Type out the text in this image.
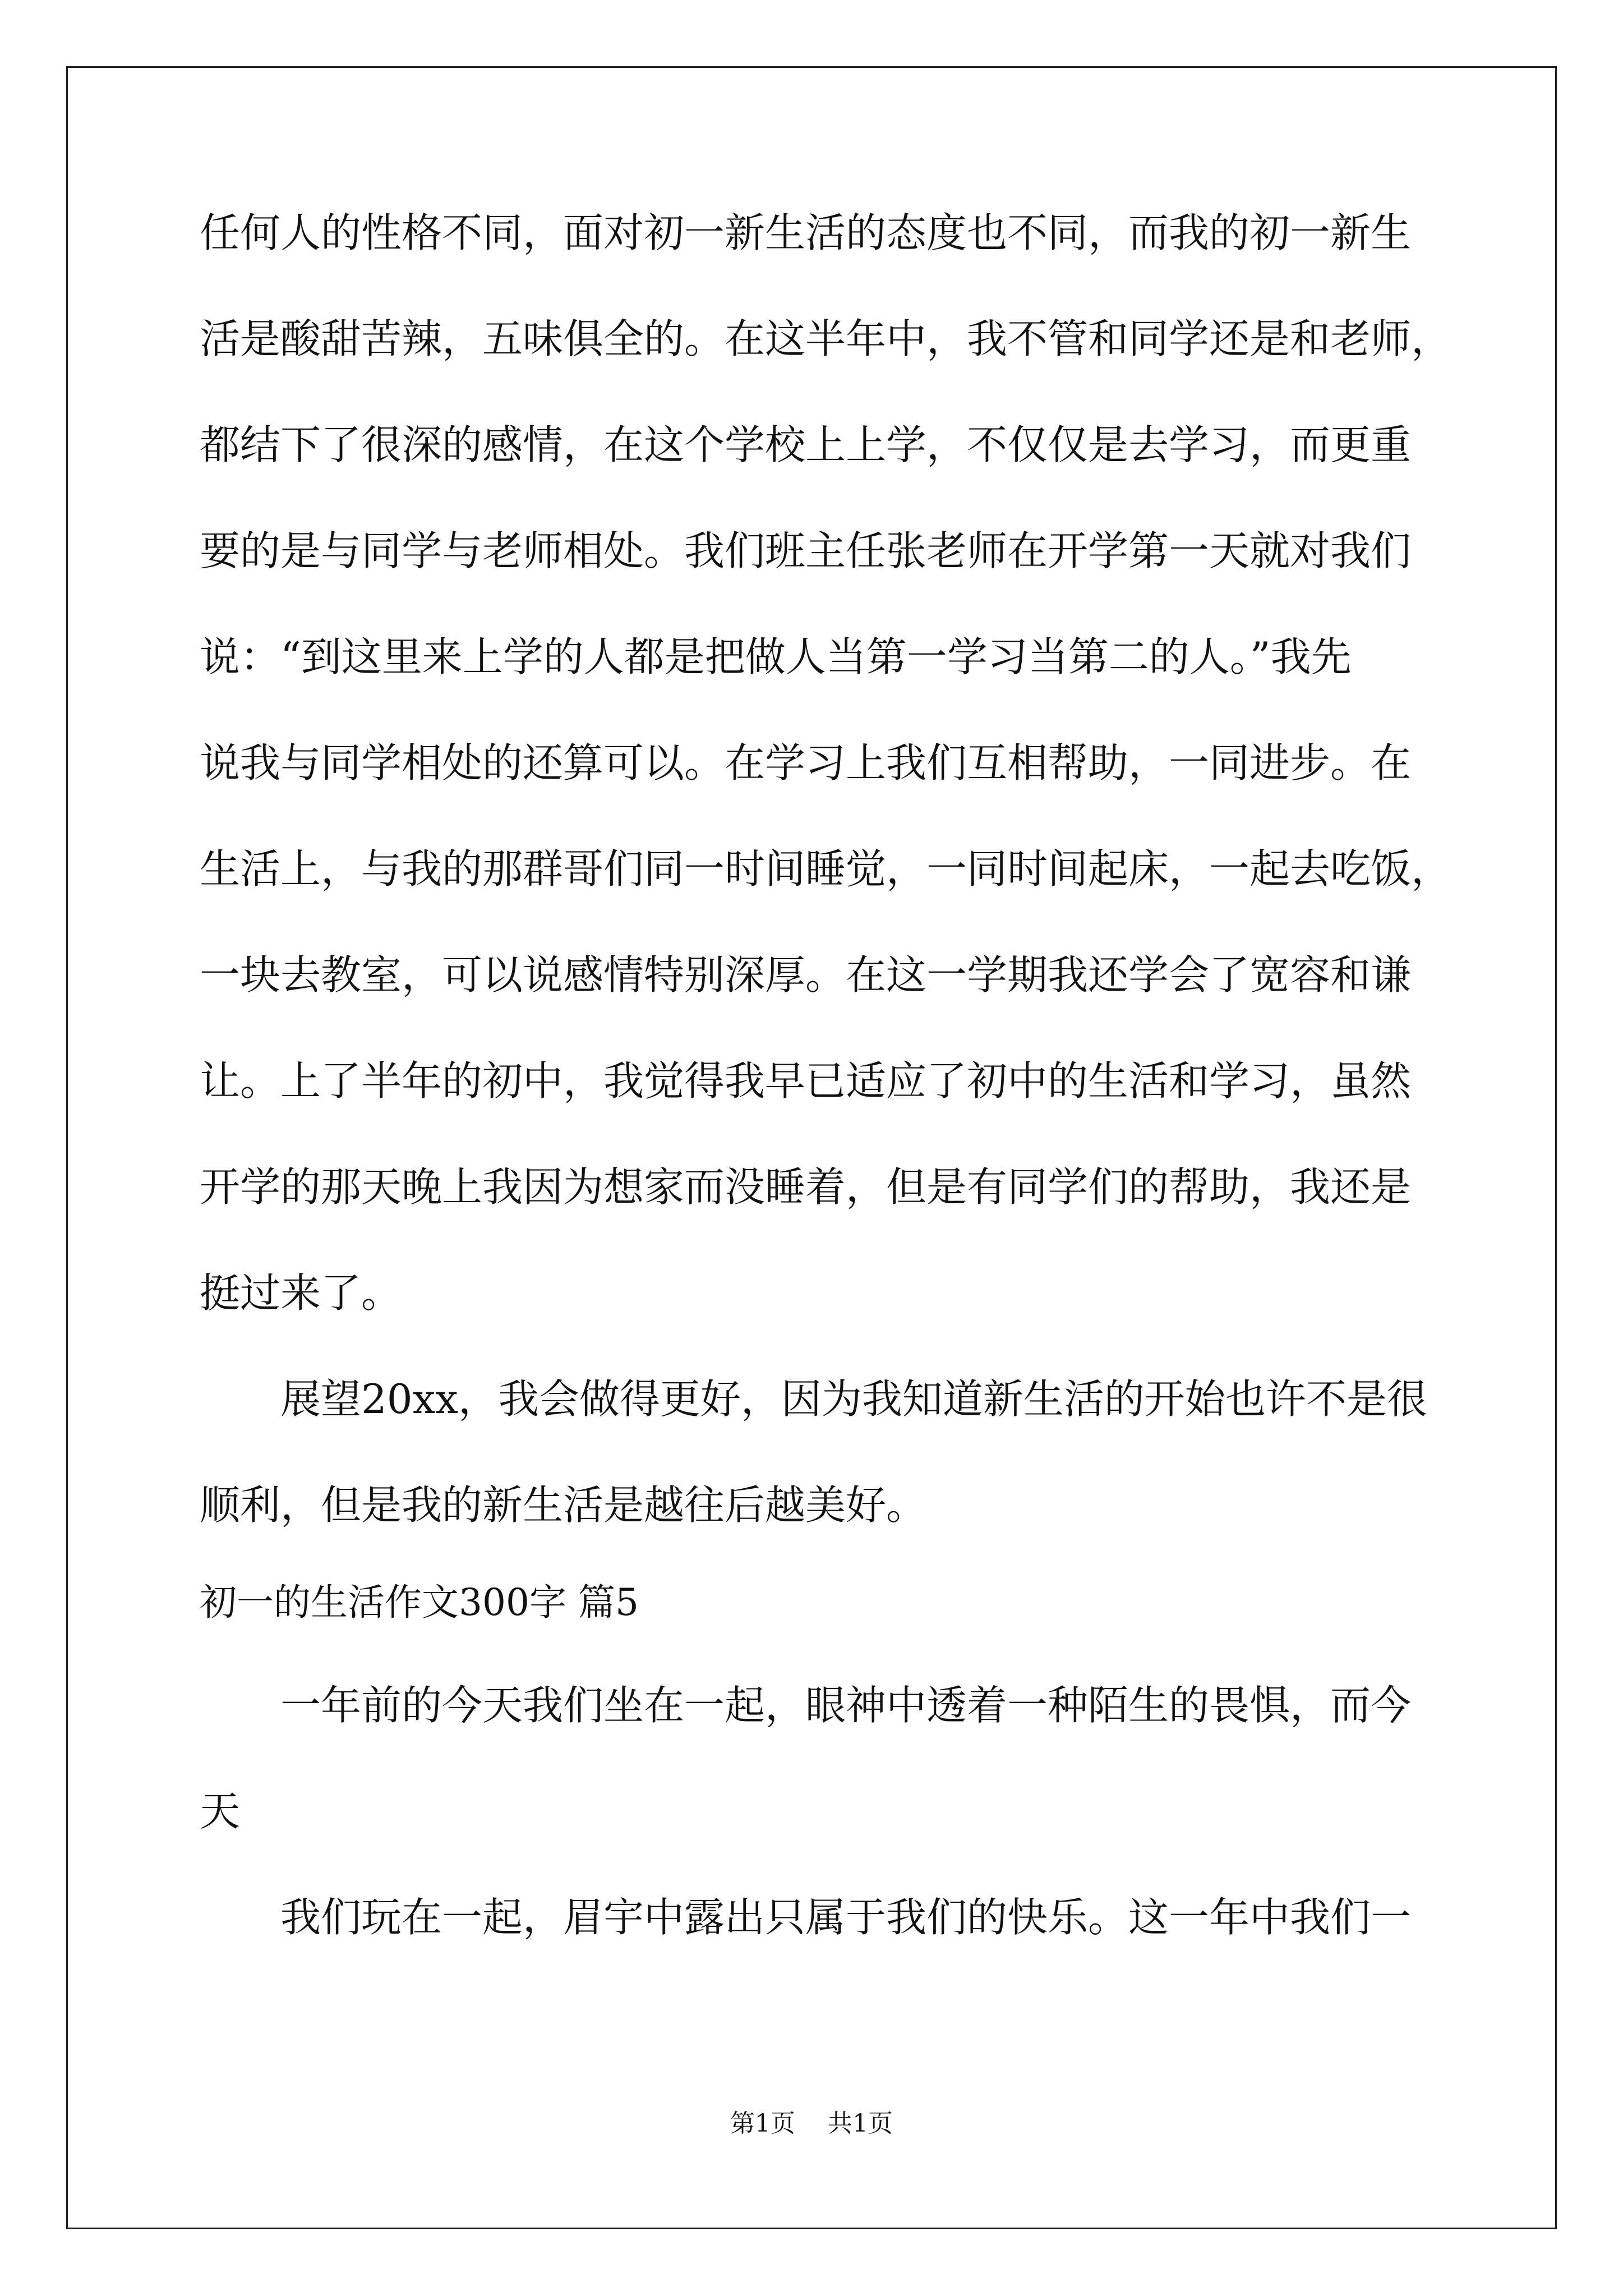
任何人的性格不同，面对初一新生活的态度也不同，而我的初一新生
活是酸甜苦辣，五味俱全的。在这半年中，我不管和同学还是和老师，
都结下了很深的感情，在这个学校上上学，不仅仅是去学习，而更重
要的是与同学与老师相处。我们班主任张老师在开学第一天就对我们
说：“到这里来上学的人都是把做人当第一学习当第二的人。”我先
说我与同学相处的还算可以。在学习上我们互相帮助，一同进步。在
生活上，与我的那群哥们同一时间睡觉，一同时间起床，一起去吃饭，
一块去教室，可以说感情特别深厚。在这一学期我还学会了宽容和谦
让。上了半年的初中，我觉得我早已适应了初中的生活和学习，虽然
开学的那天晚上我因为想家而没睡着，但是有同学们的帮助，我还是
挺过来了。
展望20xx，我会做得更好，因为我知道新生活的开始也许不是很
顺利，但是我的新生活是越往后越美好。
初一的生活作文300字 篇5
一年前的今天我们坐在一起，眼神中透着一种陌生的畏惧，而今
天
我们玩在一起，眉宇中露出只属于我们的快乐。这一年中我们一
第1页 共1页
